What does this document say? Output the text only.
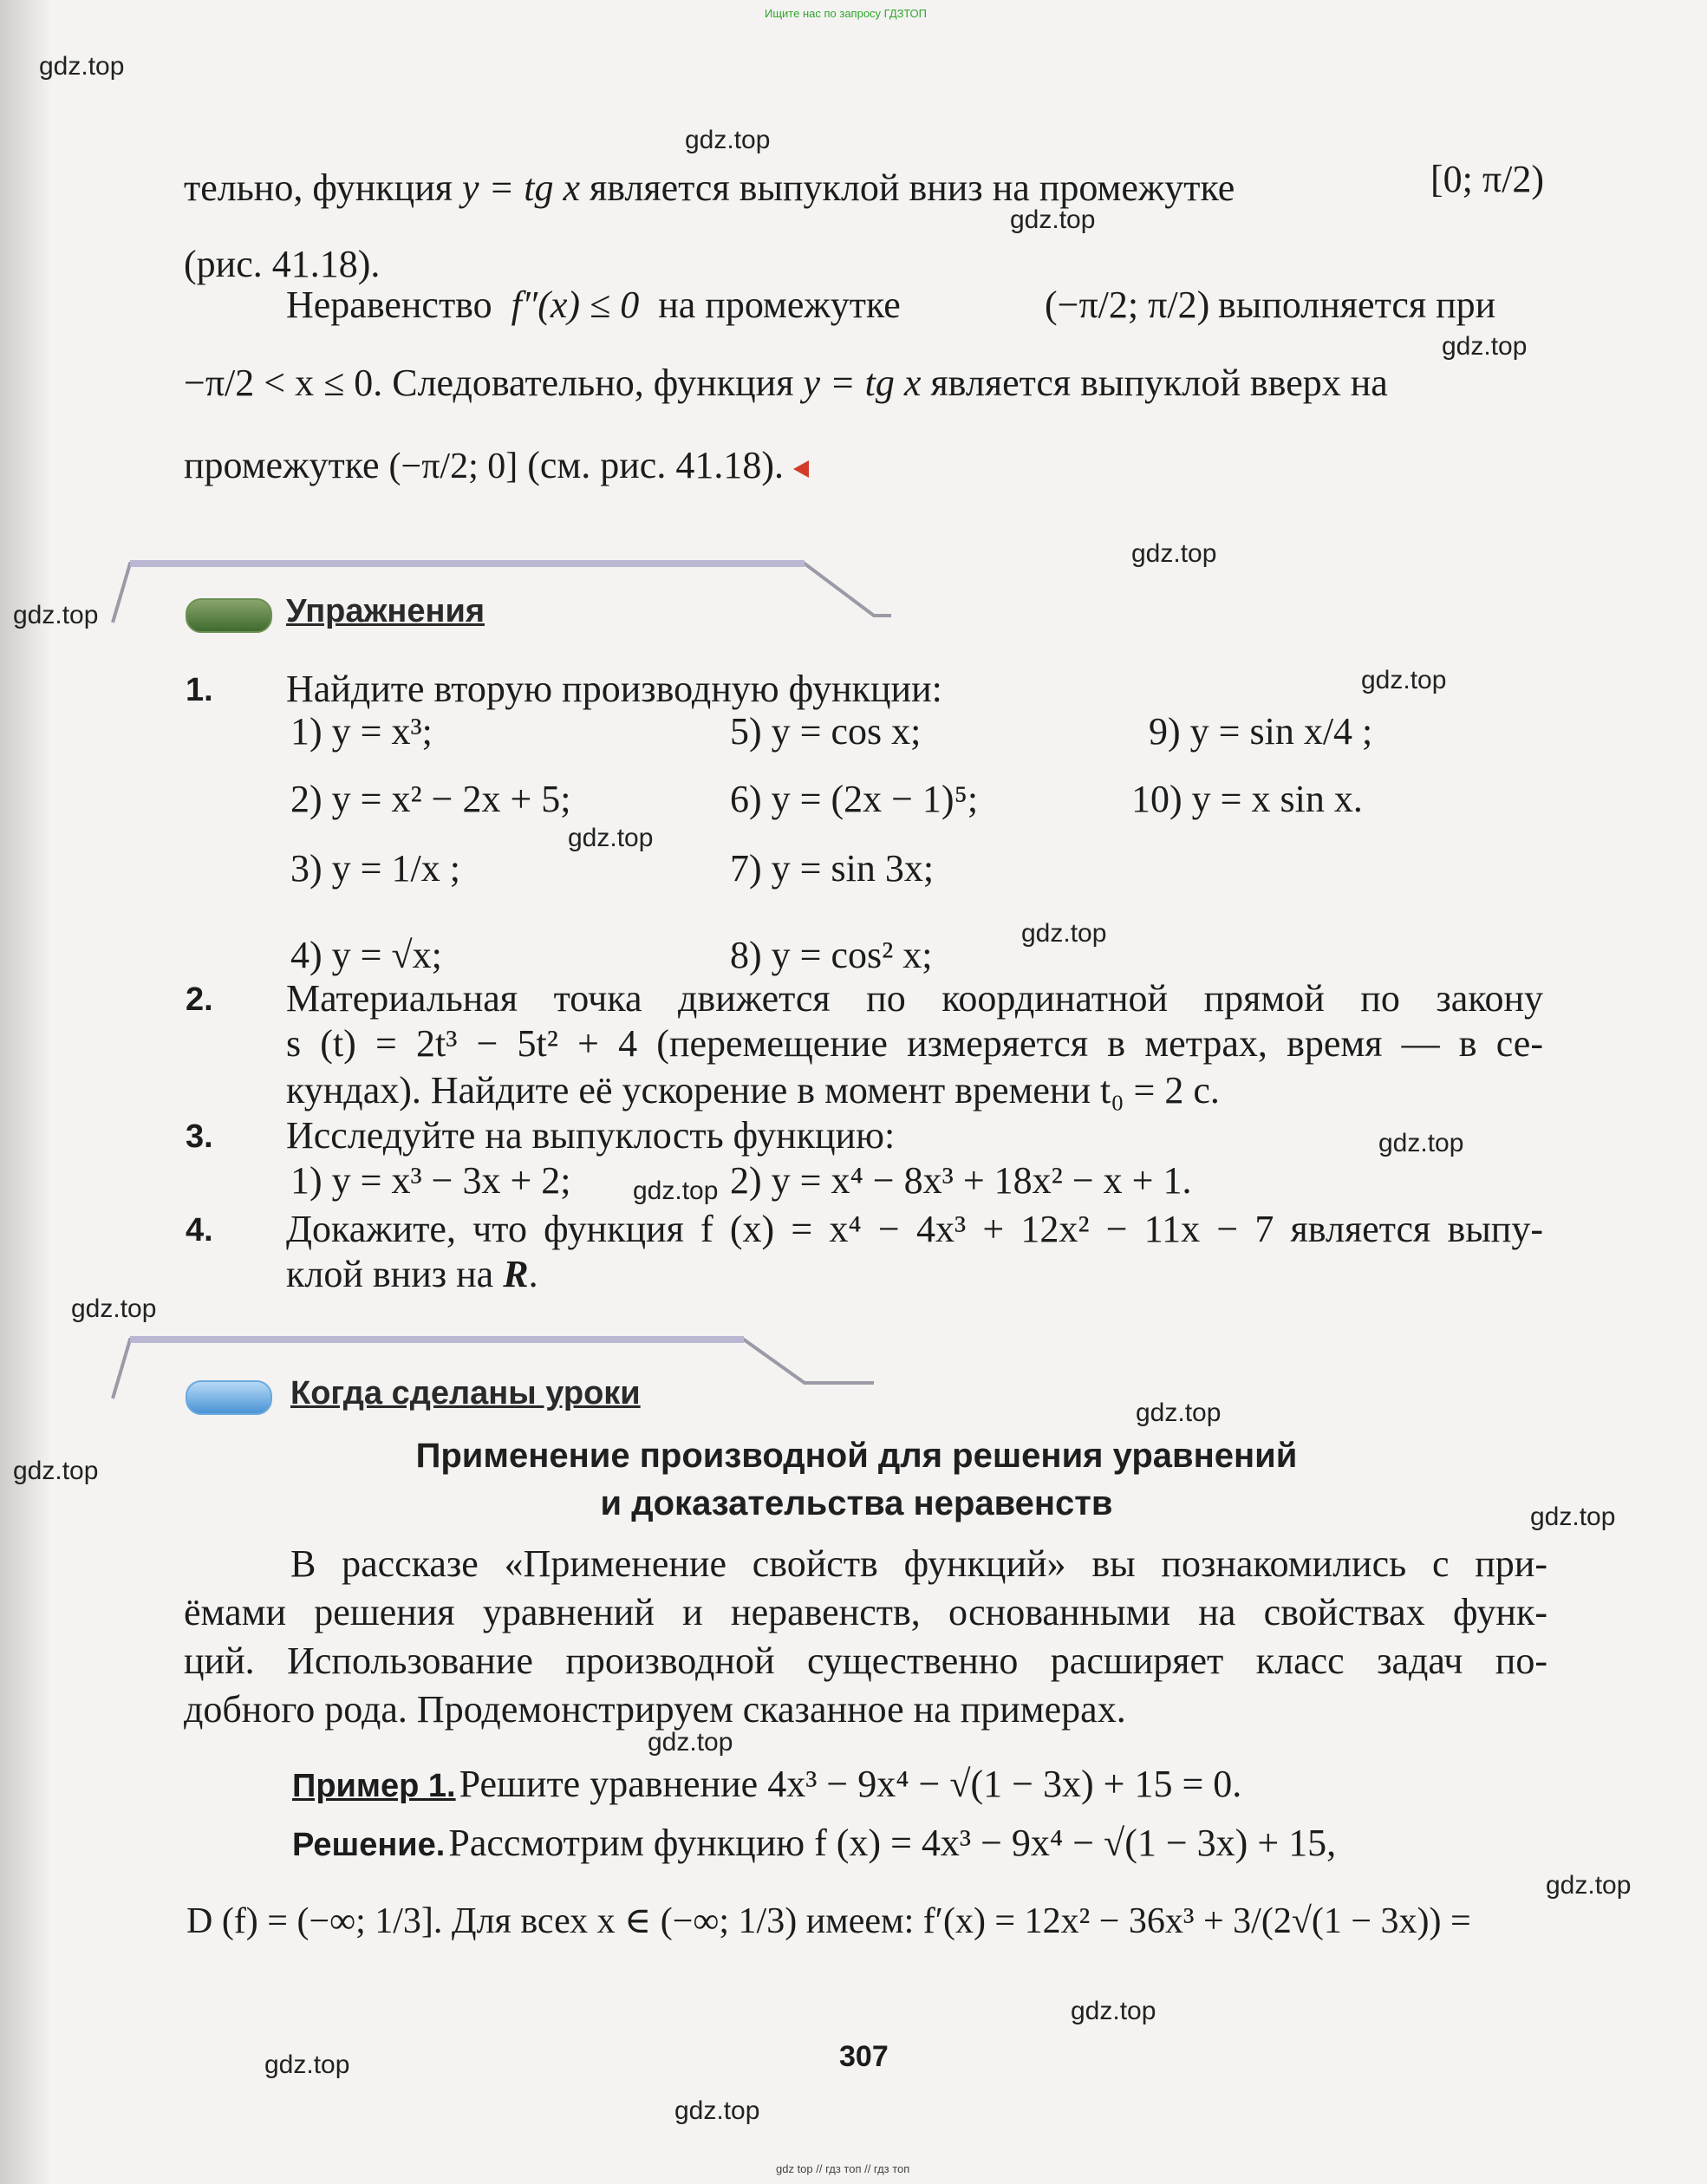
Ищите нас по запросу ГДЗТОП
gdz top // гдз топ // гдз топ
gdz.top
gdz.top
gdz.top
gdz.top
gdz.top
gdz.top
gdz.top
gdz.top
gdz.top
gdz.top
gdz.top
gdz.top
gdz.top
gdz.top
gdz.top
gdz.top
gdz.top
gdz.top
gdz.top
gdz.top
тельно, функция y = tg x является выпуклой вниз на промежутке	[0; π/2)
(рис. 41.18).
Неравенство f″(x) ≤ 0 на промежутке	(−π/2; π/2) выполняется при
−π/2 < x ≤ 0. Следовательно, функция y = tg x является выпуклой вверх на
промежутке (−π/2; 0] (см. рис. 41.18).
Упражнения
1. Найдите вторую производную функции:
1) y = x³;	5) y = cos x;	9) y = sin x/4 ;
2) y = x² − 2x + 5;	6) y = (2x − 1)⁵;	10) y = x sin x.
3) y = 1/x ;	7) y = sin 3x;
4) y = √x;	8) y = cos² x;
2. Материальная точка движется по координатной прямой по закону
s (t) = 2t³ − 5t² + 4 (перемещение измеряется в метрах, время — в се-
кундах). Найдите её ускорение в момент времени t₀ = 2 с.
3. Исследуйте на выпуклость функцию:
1) y = x³ − 3x + 2;	2) y = x⁴ − 8x³ + 18x² − x + 1.
4. Докажите, что функция f (x) = x⁴ − 4x³ + 12x² − 11x − 7 является выпу-
клой вниз на R.
Когда сделаны уроки
Применение производной для решения уравнений
и доказательства неравенств
В рассказе «Применение свойств функций» вы познакомились с при-
ёмами решения уравнений и неравенств, основанными на свойствах функ-
ций. Использование производной существенно расширяет класс задач по-
добного рода. Продемонстрируем сказанное на примерах.
Пример 1. Решите уравнение 4x³ − 9x⁴ − √(1 − 3x) + 15 = 0.
Решение. Рассмотрим функцию f (x) = 4x³ − 9x⁴ − √(1 − 3x) + 15,
D (f) = (−∞; 1/3]. Для всех x ∈ (−∞; 1/3) имеем: f′(x) = 12x² − 36x³ + 3/(2√(1 − 3x)) =
307
